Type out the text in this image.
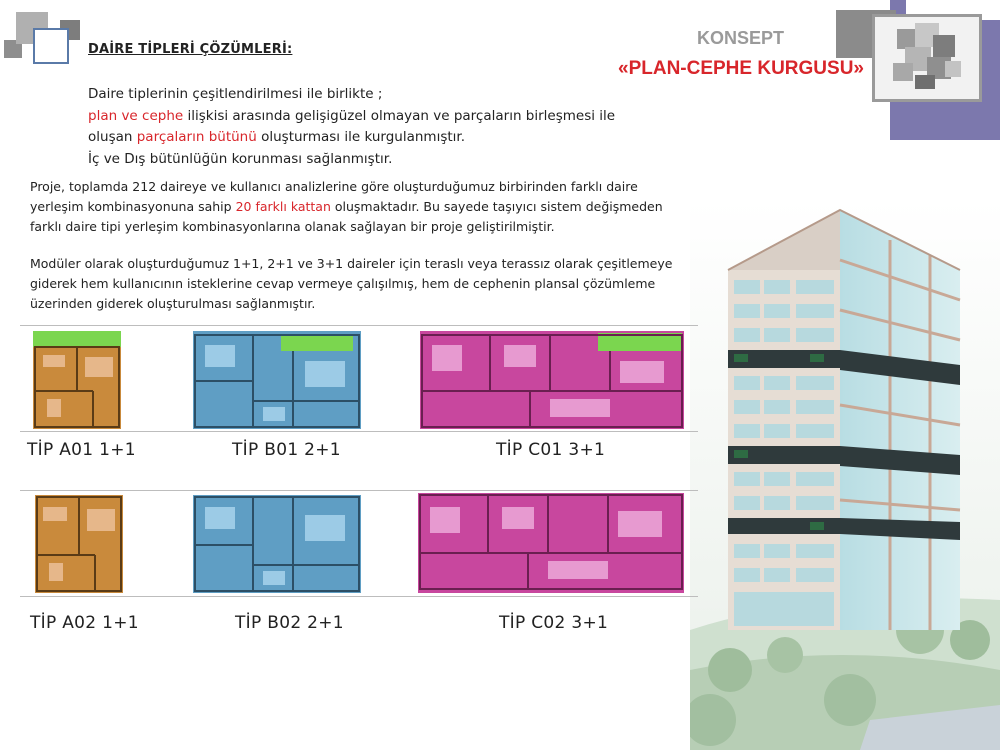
DAİRE TİPLERİ ÇÖZÜMLERİ:
Daire tiplerinin çeşitlendirilmesi ile birlikte ;
plan ve cephe ilişkisi arasında gelişigüzel olmayan ve parçaların birleşmesi ile
oluşan parçaların bütünü oluşturması ile kurgulanmıştır.
İç ve Dış bütünlüğün korunması sağlanmıştır.
KONSEPT
«PLAN-CEPHE KURGUSU»
Proje, toplamda 212 daireye ve kullanıcı analizlerine göre oluşturduğumuz birbirinden farklı daire
yerleşim kombinasyonuna sahip 20 farklı kattan oluşmaktadır. Bu sayede taşıyıcı sistem değişmeden
farklı daire tipi yerleşim kombinasyonlarına olanak sağlayan bir proje geliştirilmiştir.
Modüler olarak oluşturduğumuz 1+1, 2+1 ve 3+1 daireler için teraslı veya terassız olarak çeşitlemeye
giderek hem kullanıcının isteklerine cevap vermeye çalışılmış, hem de cephenin plansal çözümleme
üzerinden giderek oluşturulması sağlanmıştır.
TİP A01 1+1	TİP B01 2+1	TİP C01 3+1
TİP A02 1+1	TİP B02 2+1	TİP C02 3+1
